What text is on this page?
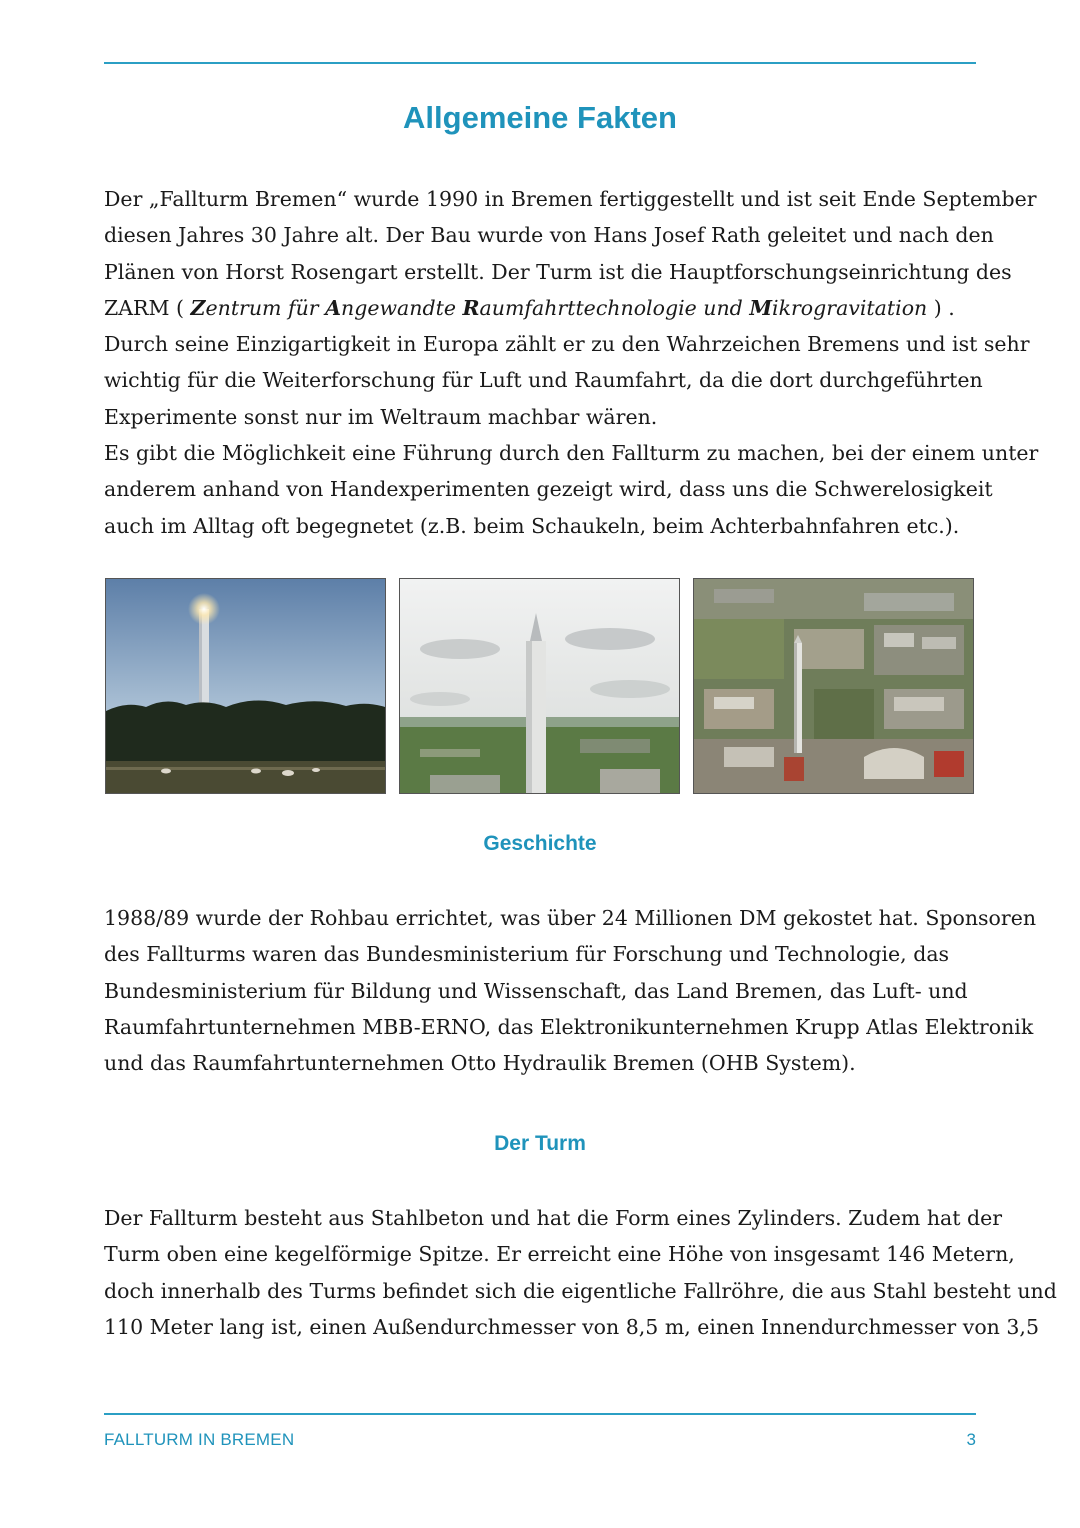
Allgemeine Fakten
Der „Fallturm Bremen“ wurde 1990 in Bremen fertiggestellt und ist seit Ende September
diesen Jahres 30 Jahre alt. Der Bau wurde von Hans Josef Rath geleitet und nach den
Plänen von Horst Rosengart erstellt. Der Turm ist die Hauptforschungseinrichtung des
ZARM ( Zentrum für Angewandte Raumfahrttechnologie und Mikrogravitation ) .
Durch seine Einzigartigkeit in Europa zählt er zu den Wahrzeichen Bremens und ist sehr
wichtig für die Weiterforschung für Luft und Raumfahrt, da die dort durchgeführten
Experimente sonst nur im Weltraum machbar wären.
Es gibt die Möglichkeit eine Führung durch den Fallturm zu machen, bei der einem unter
anderem anhand von Handexperimenten gezeigt wird, dass uns die Schwerelosigkeit
auch im Alltag oft begegnetet (z.B. beim Schaukeln, beim Achterbahnfahren etc.).
Geschichte
1988/89 wurde der Rohbau errichtet, was über 24 Millionen DM gekostet hat. Sponsoren
des Fallturms waren das Bundesministerium für Forschung und Technologie, das
Bundesministerium für Bildung und Wissenschaft, das Land Bremen, das Luft- und
Raumfahrtunternehmen MBB-ERNO, das Elektronikunternehmen Krupp Atlas Elektronik
und das Raumfahrtunternehmen Otto Hydraulik Bremen (OHB System).
Der Turm
Der Fallturm besteht aus Stahlbeton und hat die Form eines Zylinders. Zudem hat der
Turm oben eine kegelförmige Spitze. Er erreicht eine Höhe von insgesamt 146 Metern,
doch innerhalb des Turms befindet sich die eigentliche Fallröhre, die aus Stahl besteht und
110 Meter lang ist, einen Außendurchmesser von 8,5 m, einen Innendurchmesser von 3,5
FALLTURM IN BREMEN	3
